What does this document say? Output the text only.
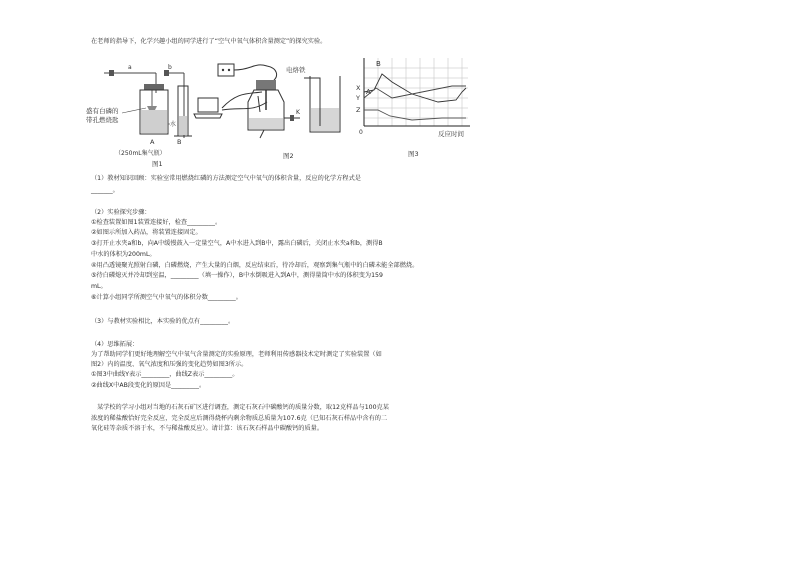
在老师的指导下，化学兴趣小组的同学进行了“空气中氧气体积含量测定”的探究实验。
a	b
盛有白磷的
带孔燃烧匙
水
A	B
（250mL集气瓶）
图1
电烙铁
K
图2
B
A
X
Y
Z
0	反应时间
图3
（1）教材知识回顾：实验室常用燃烧红磷的方法测定空气中氧气的体积含量，反应的化学方程式是
_______。
（2）实验探究步骤：
①检查装置如图1装置连接好，检查_________。
②如图示所加入药品，将装置连接固定。
③打开止水夹a和b，向A中缓慢鼓入一定量空气，A中水进入到B中，露出白磷后，关闭止水夹a和b，测得B
中水的体积为200mL。
④用凸透镜聚光照射白磷，白磷燃烧，产生大量的白烟，反应结束后，待冷却后，观察到集气瓶中的白磷未能全部燃烧。
⑤待白磷熄灭并冷却到室温，_________（填一操作），B中水倒吸进入到A中，测得量筒中水的体积变为159
mL。
⑥计算小组同学所测空气中氧气的体积分数_________。
（3）与教材实验相比，本实验的优点有_________。
（4）思维拓展：
为了帮助同学们更好地理解空气中氧气含量测定的实验原理，老师利用传感器技术定时测定了实验装置（如
图2）内的温度、氧气浓度和压强的变化趋势如图3所示。
①图3中曲线Y表示_________，曲线Z表示_________。
②曲线X中AB段变化的原因是_________。
某学校的学习小组对当地的石灰石矿区进行调查，测定石灰石中碳酸钙的质量分数，取12克样品与100克某
浓度的稀盐酸恰好完全反应，完全反应后测得烧杯内剩余物质总质量为107.6克（已知石灰石样品中含有的二
氧化硅等杂质不溶于水，不与稀盐酸反应）。请计算：该石灰石样品中碳酸钙的质量。
